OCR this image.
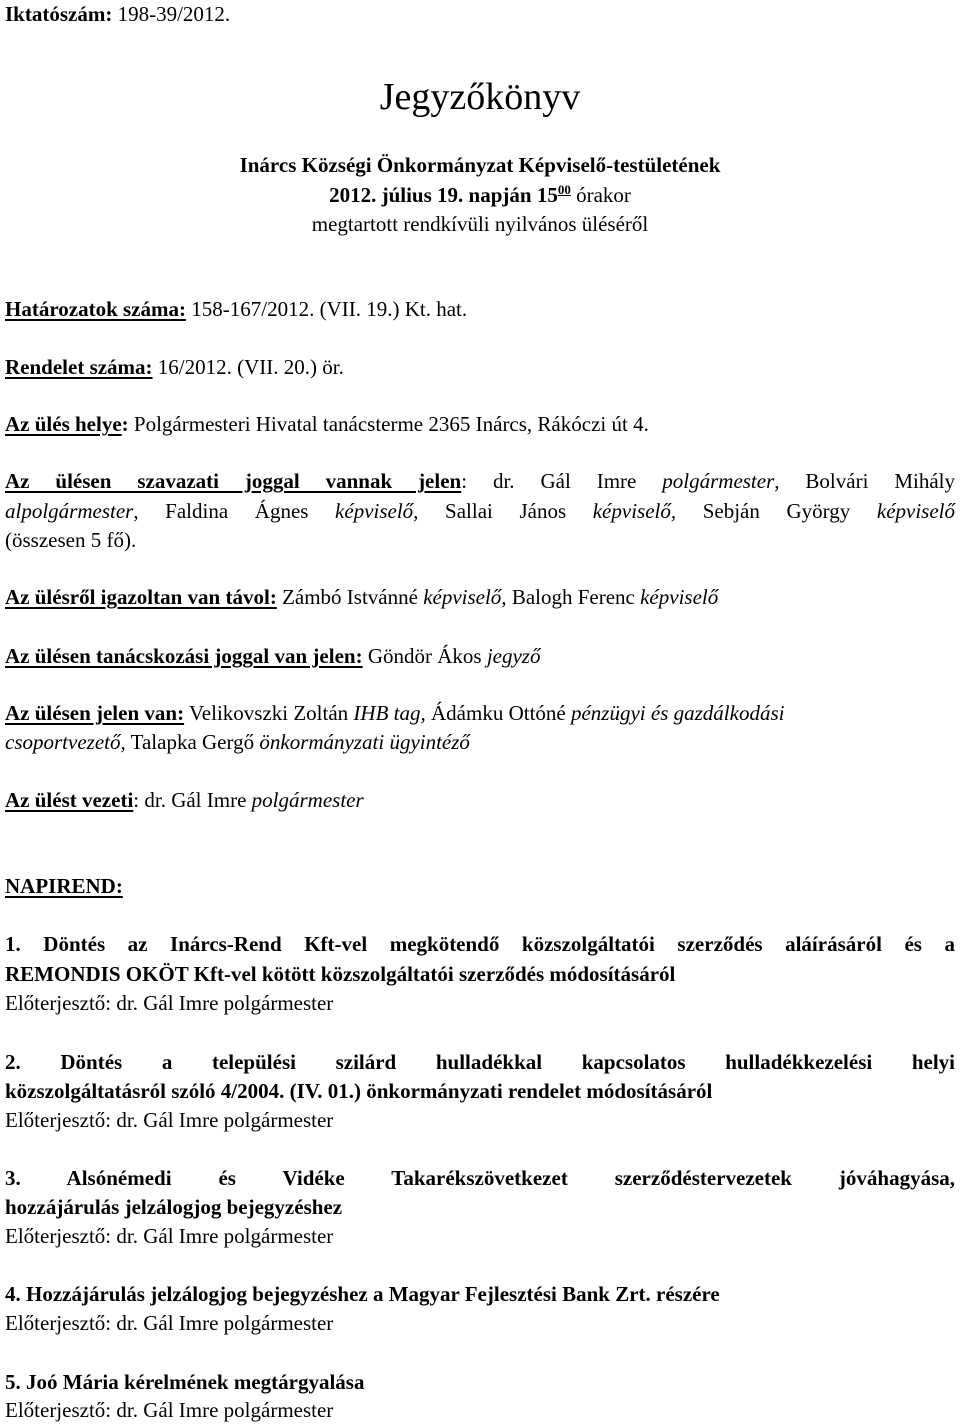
Iktatószám: 198-39/2012.
Jegyzőkönyv
Inárcs Községi Önkormányzat Képviselő-testületének
2012. július 19. napján $15^{00}$ órakor
megtartott rendkívüli nyilvános üléséről
Határozatok száma: 158-167/2012. (VII. 19.) Kt. hat.
Rendelet száma: 16/2012. (VII. 20.) ör.
Az ülés helye: Polgármesteri Hivatal tanácsterme 2365 Inárcs, Rákóczi út 4.
Az ülésen szavazati joggal vannak jelen: dr. Gál Imre polgármester, Bolvári Mihály
alpolgármester, Faldina Ágnes képviselő, Sallai János képviselő, Sebján György képviselő
(összesen 5 fő).
Az ülésről igazoltan van távol: Zámbó Istvánné képviselő, Balogh Ferenc képviselő
Az ülésen tanácskozási joggal van jelen: Göndör Ákos jegyző
Az ülésen jelen van: Velikovszki Zoltán IHB tag, Ádámku Ottóné pénzügyi és gazdálkodási
csoportvezető, Talapka Gergő önkormányzati ügyintéző
Az ülést vezeti: dr. Gál Imre polgármester
NAPIREND:
1. Döntés az Inárcs-Rend Kft-vel megkötendő közszolgáltatói szerződés aláírásáról és a
REMONDIS OKÖT Kft-vel kötött közszolgáltatói szerződés módosításáról
Előterjesztő: dr. Gál Imre polgármester
2. Döntés a települési szilárd hulladékkal kapcsolatos hulladékkezelési helyi
közszolgáltatásról szóló 4/2004. (IV. 01.) önkormányzati rendelet módosításáról
Előterjesztő: dr. Gál Imre polgármester
3. Alsónémedi és Vidéke Takarékszövetkezet szerződéstervezetek jóváhagyása,
hozzájárulás jelzálogjog bejegyzéshez
Előterjesztő: dr. Gál Imre polgármester
4. Hozzájárulás jelzálogjog bejegyzéshez a Magyar Fejlesztési Bank Zrt. részére
Előterjesztő: dr. Gál Imre polgármester
5. Joó Mária kérelmének megtárgyalása
Előterjesztő: dr. Gál Imre polgármester
